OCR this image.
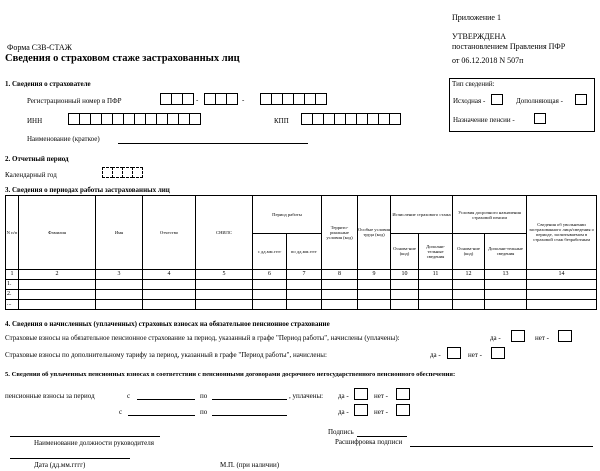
Приложение 1
УТВЕРЖДЕНА
постановлением Правления ПФР
от 06.12.2018 N 507п
Форма СЗВ-СТАЖ
Сведения о страховом стаже застрахованных лиц
1. Сведения о страхователе
Регистрационный номер в ПФР	-	-
ИНН	КПП
Наименование (краткое)
Тип сведений:
Исходная -	Дополняющая -
Назначение пенсии -
2. Отчетный период
Календарный год
3. Сведения о периодах работы застрахованных лиц
N п/п	Фамилия	Имя	Отчество	СНИЛС	Период работы		Террито-риальные условия (код)	Особые условия труда (код)	Исчисление страхового стажа		Условия досрочного назначения страховой пенсии		Сведения об увольнении застрахованного лица/сведения о периоде, засчитываемом в страховой стаж безработным
					с дд.мм.гггг	по дд.мм.гггг			Основа-ние (код)	Дополни-тельные сведения	Основа-ние (код)	Дополни-тельные сведения	
1	2	3	4	5	6	7	8	9	10	11	12	13	14
1.													
2.													
...													
4. Сведения о начисленных (уплаченных) страховых взносах на обязательное пенсионное страхование
Страховые взносы на обязательное пенсионное страхование за период, указанный в графе "Период работы", начислены (уплачены):	да -	нет -
Страховые взносы по дополнительному тарифу за период, указанный в графе "Период работы", начислены:	да -	нет -
5. Сведения об уплаченных пенсионных взносах в соответствии с пенсионными договорами досрочного негосударственного пенсионного обеспечения:
пенсионные взносы за период	с	по	, уплачены: да -	нет -
с	по	да -	нет -
Наименование должности руководителя
Подпись
Расшифровка подписи
Дата (дд.мм.гггг)	М.П. (при наличии)
